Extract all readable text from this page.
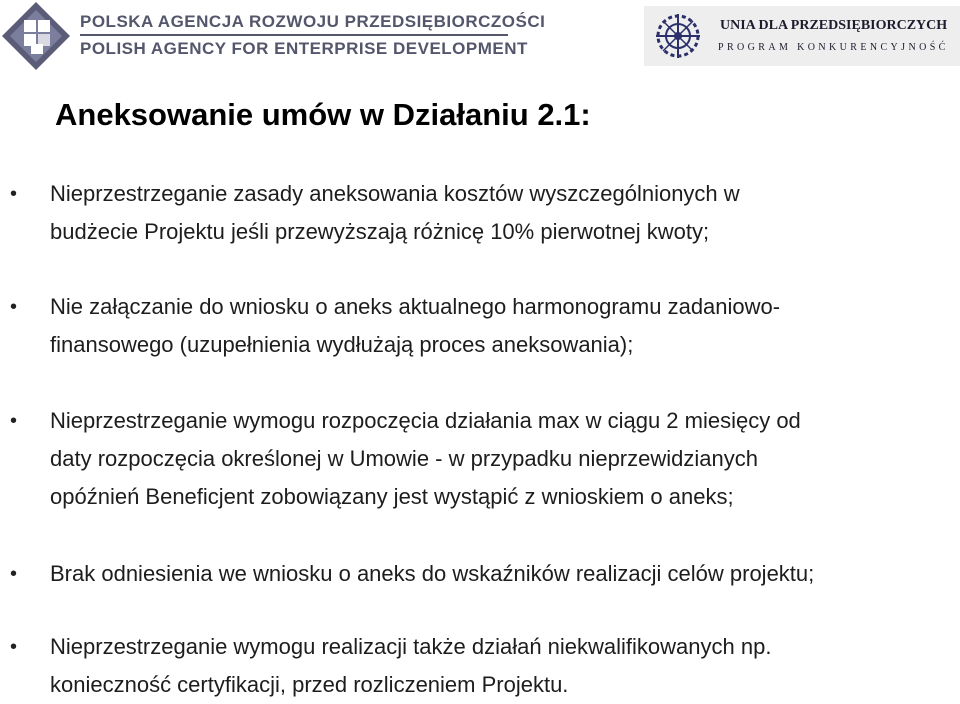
POLSKA AGENCJA ROZWOJU PRZEDSIĘBIORCZOŚCI
POLISH AGENCY FOR ENTERPRISE DEVELOPMENT
UNIA DLA PRZEDSIĘBIORCZYCH
PROGRAM KONKURENCYJNOŚĆ
Aneksowanie umów w Działaniu 2.1:
• Nieprzestrzeganie zasady aneksowania kosztów wyszczególnionych w
budżecie Projektu jeśli przewyższają różnicę 10% pierwotnej kwoty;
• Nie załączanie do wniosku o aneks aktualnego harmonogramu zadaniowo-
finansowego (uzupełnienia wydłużają proces aneksowania);
• Nieprzestrzeganie wymogu rozpoczęcia działania max w ciągu 2 miesięcy od
daty rozpoczęcia określonej w Umowie - w przypadku nieprzewidzianych
opóźnień Beneficjent zobowiązany jest wystąpić z wnioskiem o aneks;
• Brak odniesienia we wniosku o aneks do wskaźników realizacji celów projektu;
• Nieprzestrzeganie wymogu realizacji także działań niekwalifikowanych np.
konieczność certyfikacji, przed rozliczeniem Projektu.
